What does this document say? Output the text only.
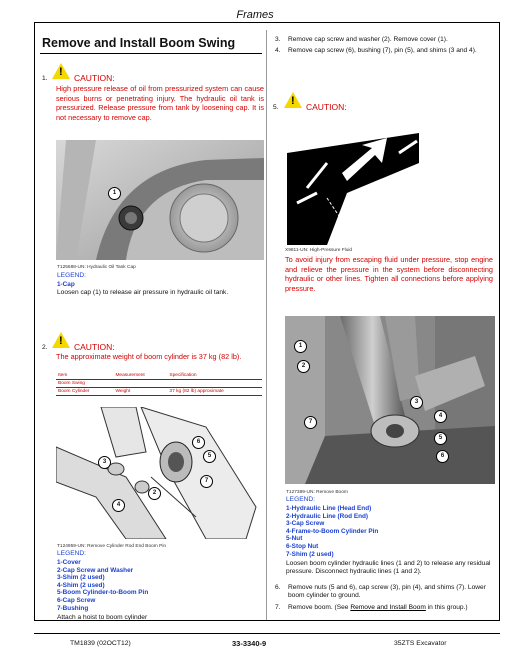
Frames
Remove and Install Boom Swing
1. !	CAUTION:
High pressure release of oil from pressurized system can cause serious burns or penetrating injury. The hydraulic oil tank is pressurized. Release pressure from tank by loosening cap. It is not necessary to remove cap.
1
T125688-UN: Hydraulic Oil Tank Cap
LEGEND:
1-Cap
Loosen cap (1) to release air pressure in hydraulic oil tank.
2. !	CAUTION:
The approximate weight of boom cylinder is 37 kg (82 lb).
Item	Measurement	Specification
Boom Swing		
Boom Cylinder	Weight	37 kg (82 lb) approximate
6
5
3
7
2
4
T124959-UN: Remove Cylinder Rod End Boom Pin
LEGEND:
1-Cover
2-Cap Screw and Washer
3-Shim (2 used)
4-Shim (2 used)
5-Boom Cylinder-to-Boom Pin
6-Cap Screw
7-Bushing
Attach a hoist to boom cylinder
3. Remove cap screw and washer (2). Remove cover (1).
4. Remove cap screw (6), bushing (7), pin (5), and shims (3 and 4).
5. !	CAUTION:
X9811-UN: High-Pressure Fluid
To avoid injury from escaping fluid under pressure, stop engine and relieve the pressure in the system before disconnecting hydraulic or other lines. Tighten all connections before applying pressure.
1
2
3
4
5
6
7
T127389-UN: Remove Boom
LEGEND:
1-Hydraulic Line (Head End)
2-Hydraulic Line (Rod End)
3-Cap Screw
4-Frame-to-Boom Cylinder Pin
5-Nut
6-Stop Nut
7-Shim (2 used)
Loosen boom cylinder hydraulic lines (1 and 2) to release any residual pressure. Disconnect hydraulic lines (1 and 2).
6. Remove nuts (5 and 6), cap screw (3), pin (4), and shims (7). Lower boom cylinder to ground.
7. Remove boom. (See Remove and Install Boom in this group.)
TM1839 (02OCT12)	33-3340-9	35ZTS Excavator
